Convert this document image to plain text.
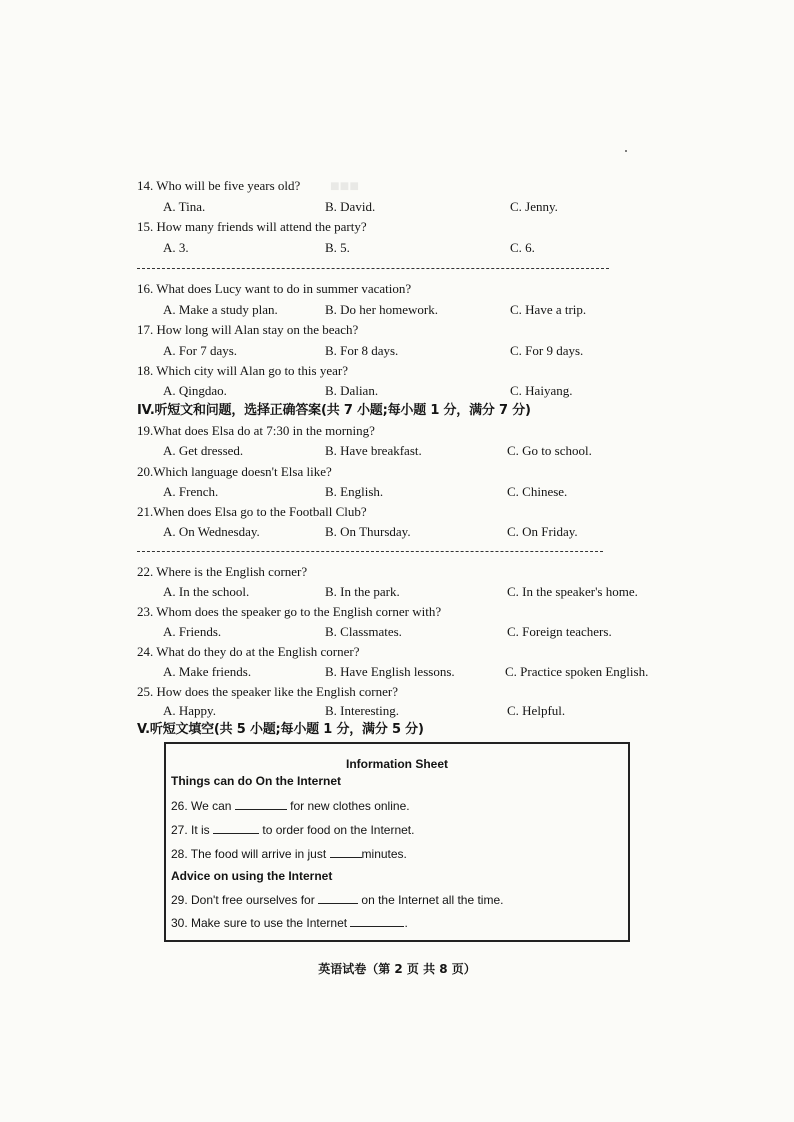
■■■
14. Who will be five years old?
A. Tina.	B. David.	C. Jenny.
15. How many friends will attend the party?
A. 3.	B. 5.	C. 6.
16. What does Lucy want to do in summer vacation?
A. Make a study plan.	B. Do her homework.	C. Have a trip.
17. How long will Alan stay on the beach?
A. For 7 days.	B. For 8 days.	C. For 9 days.
18. Which city will Alan go to this year?
A. Qingdao.	B. Dalian.	C. Haiyang.
IV.听短文和问题，选择正确答案(共 7 小题;每小题 1 分，满分 7 分)
19.What does Elsa do at 7:30 in the morning?
A. Get dressed.	B. Have breakfast.	C. Go to school.
20.Which language doesn't Elsa like?
A. French.	B. English.	C. Chinese.
21.When does Elsa go to the Football Club?
A. On Wednesday.	B. On Thursday.	C. On Friday.
22. Where is the English corner?
A. In the school.	B. In the park.	C. In the speaker's home.
23. Whom does the speaker go to the English corner with?
A. Friends.	B. Classmates.	C. Foreign teachers.
24. What do they do at the English corner?
A. Make friends.	B. Have English lessons.	C. Practice spoken English.
25. How does the speaker like the English corner?
A. Happy.	B. Interesting.	C. Helpful.
V.听短文填空(共 5 小题;每小题 1 分，满分 5 分)
Information Sheet
Things can do On the Internet
26. We can	for new clothes online.
27. It is	to order food on the Internet.
28. The food will arrive in just	minutes.
Advice on using the Internet
29. Don't free ourselves for	on the Internet all the time.
30. Make sure to use the Internet	.
英语试卷（第 2 页 共 8 页）
